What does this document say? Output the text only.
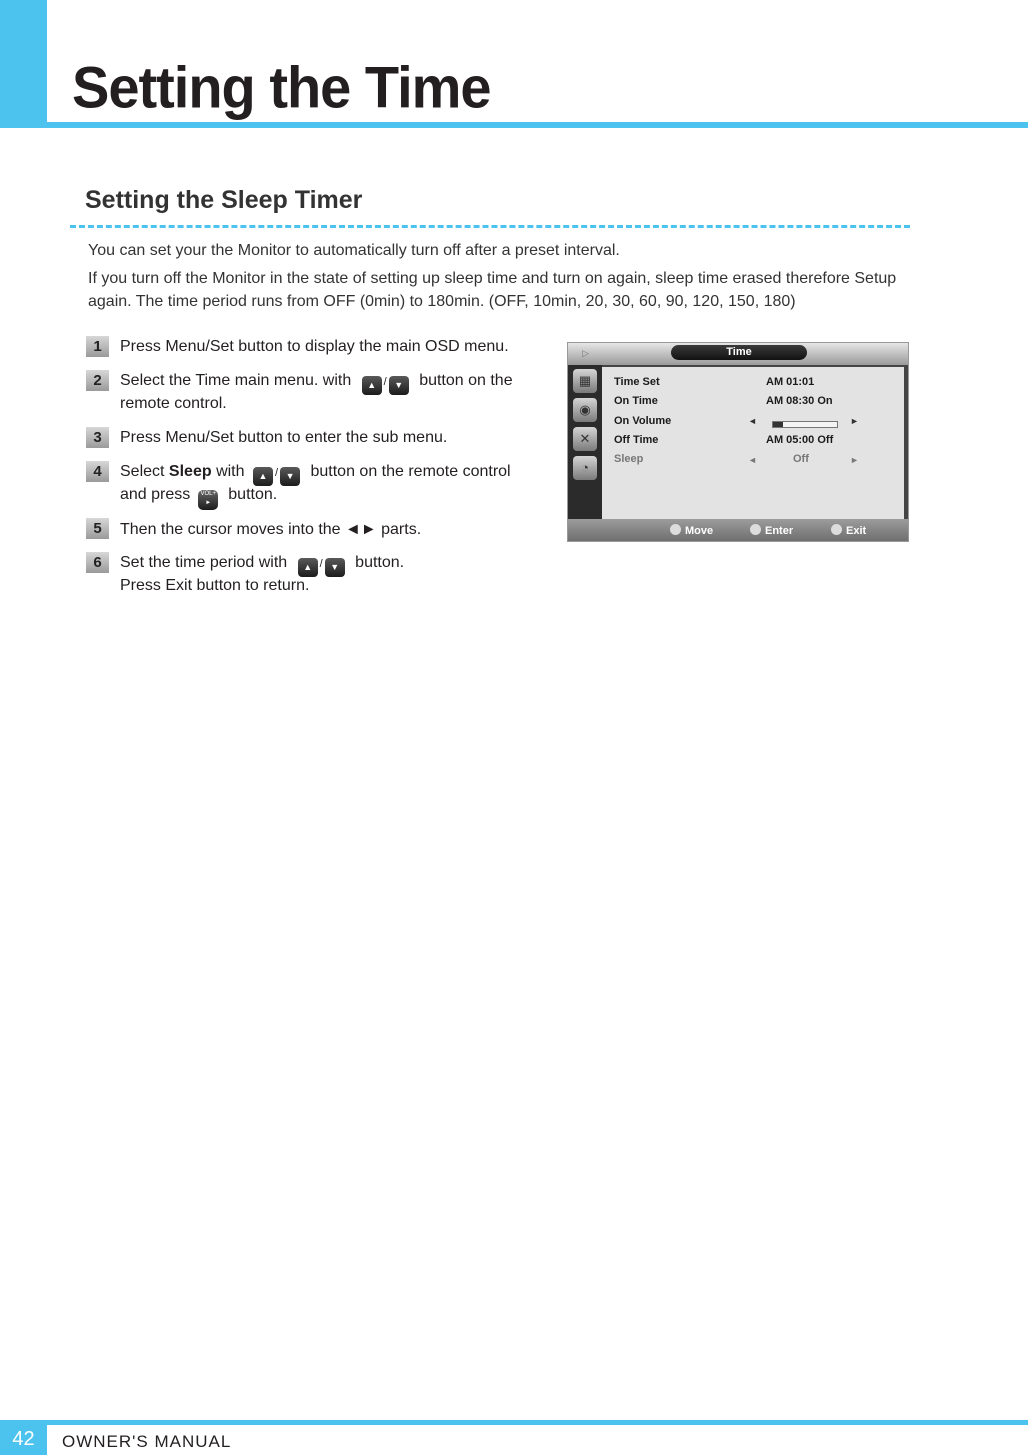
Setting the Time
Setting the Sleep Timer
You can set your the Monitor to automatically turn off after a preset interval.
If you turn off the Monitor in the state of setting up sleep time and turn on again, sleep time erased therefore Setup
again. The time period runs from OFF (0min) to 180min. (OFF, 10min, 20, 30, 60, 90, 120, 150, 180)
1	Press Menu/Set button to display the main OSD menu.
2	Select the Time main menu. with ▲ / ▼ button on the
remote control.
3	Press Menu/Set button to enter the sub menu.
4	Select Sleep with ▲ / ▼ button on the remote control
and press VOL+
► button.
5	Then the cursor moves into the ◄► parts.
6	Set the time period with ▲ / ▼ button.
Press Exit button to return.
▷	Time
▦
◉
✕
◔
Time Set	AM 01:01
On Time	AM 08:30 On
On Volume	◄	►
Off Time	AM 05:00 Off
Sleep	◄	Off	►
Move	Enter	Exit
42	OWNER'S MANUAL
